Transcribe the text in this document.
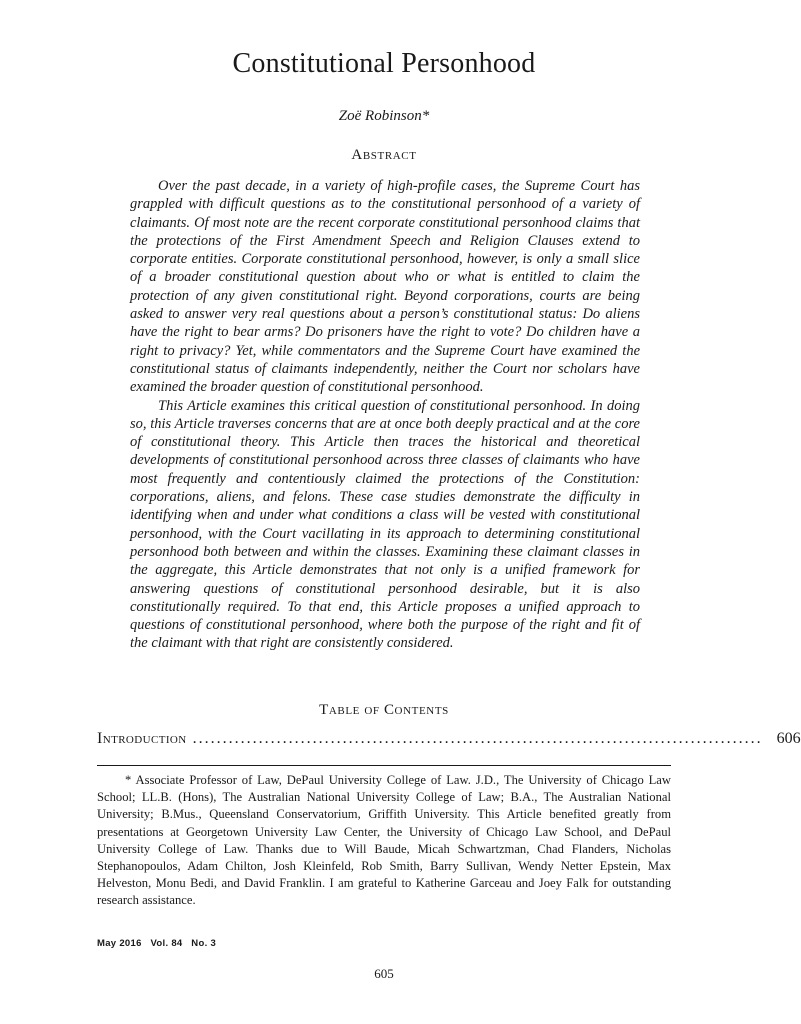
Constitutional Personhood
Zoë Robinson*
Abstract

Over the past decade, in a variety of high-profile cases, the Supreme Court has grappled with difficult questions as to the constitutional personhood of a variety of claimants. Of most note are the recent corporate constitutional personhood claims that the protections of the First Amendment Speech and Religion Clauses extend to corporate entities. Corporate constitutional personhood, however, is only a small slice of a broader constitutional question about who or what is entitled to claim the protection of any given constitutional right. Beyond corporations, courts are being asked to answer very real questions about a person’s constitutional status: Do aliens have the right to bear arms? Do prisoners have the right to vote? Do children have a right to privacy? Yet, while commentators and the Supreme Court have examined the constitutional status of claimants independently, neither the Court nor scholars have examined the broader question of constitutional personhood.

This Article examines this critical question of constitutional personhood. In doing so, this Article traverses concerns that are at once both deeply practical and at the core of constitutional theory. This Article then traces the historical and theoretical developments of constitutional personhood across three classes of claimants who have most frequently and contentiously claimed the protections of the Constitution: corporations, aliens, and felons. These case studies demonstrate the difficulty in identifying when and under what conditions a class will be vested with constitutional personhood, with the Court vacillating in its approach to determining constitutional personhood both between and within the classes. Examining these claimant classes in the aggregate, this Article demonstrates that not only is a unified framework for answering questions of constitutional personhood desirable, but it is also constitutionally required. To that end, this Article proposes a unified approach to questions of constitutional personhood, where both the purpose of the right and fit of the claimant with that right are consistently considered.

Table of Contents
Introduction ............................................................................................... 606

* Associate Professor of Law, DePaul University College of Law. J.D., The University of Chicago Law School; LL.B. (Hons), The Australian National University College of Law; B.A., The Australian National University; B.Mus., Queensland Conservatorium, Griffith University. This Article benefited greatly from presentations at Georgetown University Law Center, the University of Chicago Law School, and DePaul University College of Law. Thanks due to Will Baude, Micah Schwartzman, Chad Flanders, Nicholas Stephanopoulos, Adam Chilton, Josh Kleinfeld, Rob Smith, Barry Sullivan, Wendy Netter Epstein, Max Helveston, Monu Bedi, and David Franklin. I am grateful to Katherine Garceau and Joey Falk for outstanding research assistance.

May 2016   Vol. 84   No. 3
605
